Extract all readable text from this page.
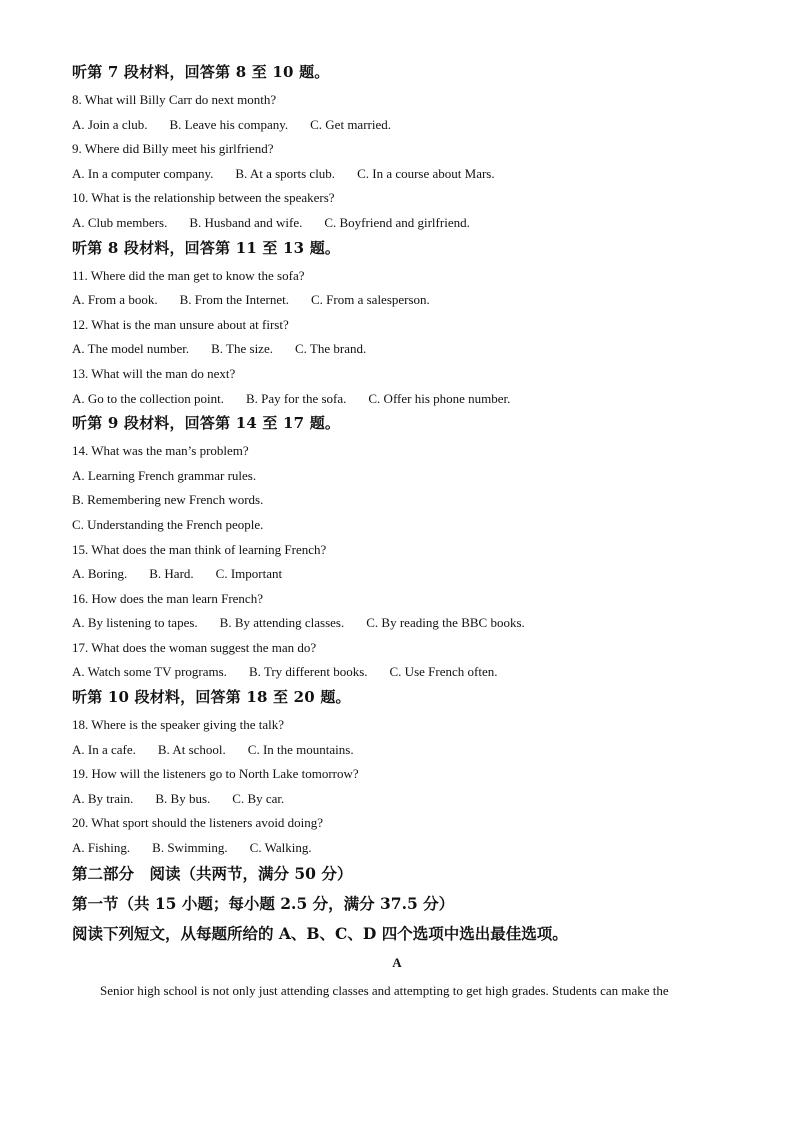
听第 7 段材料，回答第 8 至 10 题。

8. What will Billy Carr do next month?

A. Join a club. B. Leave his company. C. Get married.

9. Where did Billy meet his girlfriend?

A. In a computer company. B. At a sports club. C. In a course about Mars.

10. What is the relationship between the speakers?

A. Club members. B. Husband and wife. C. Boyfriend and girlfriend.

听第 8 段材料，回答第 11 至 13 题。

11. Where did the man get to know the sofa?

A. From a book. B. From the Internet. C. From a salesperson.

12. What is the man unsure about at first?

A. The model number. B. The size. C. The brand.

13. What will the man do next?

A. Go to the collection point. B. Pay for the sofa. C. Offer his phone number.

听第 9 段材料，回答第 14 至 17 题。

14. What was the man’s problem?

A. Learning French grammar rules.

B. Remembering new French words.

C. Understanding the French people.

15. What does the man think of learning French?

A. Boring. B. Hard. C. Important

16. How does the man learn French?

A. By listening to tapes. B. By attending classes. C. By reading the BBC books.

17. What does the woman suggest the man do?

A. Watch some TV programs. B. Try different books. C. Use French often.

听第 10 段材料，回答第 18 至 20 题。

18. Where is the speaker giving the talk?

A. In a cafe. B. At school. C. In the mountains.

19. How will the listeners go to North Lake tomorrow?

A. By train. B. By bus. C. By car.

20. What sport should the listeners avoid doing?

A. Fishing. B. Swimming. C. Walking.

第二部分　阅读（共两节，满分 50 分）

第一节（共 15 小题；每小题 2.5 分，满分 37.5 分）

阅读下列短文，从每题所给的 A、B、C、D 四个选项中选出最佳选项。

A

Senior high school is not only just attending classes and attempting to get high grades. Students can make the
